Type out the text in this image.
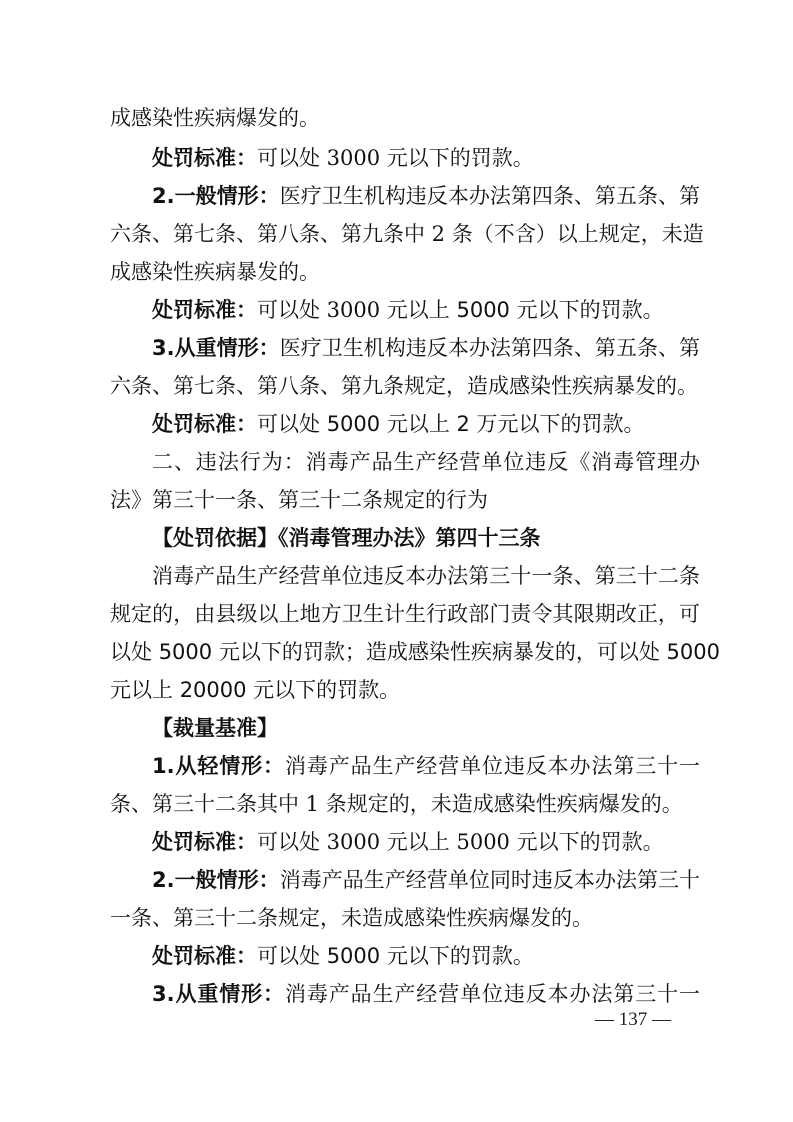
成感染性疾病爆发的。
处罚标准：可以处 3000 元以下的罚款。
2.一般情形：医疗卫生机构违反本办法第四条、第五条、第
六条、第七条、第八条、第九条中 2 条（不含）以上规定，未造
成感染性疾病暴发的。
处罚标准：可以处 3000 元以上 5000 元以下的罚款。
3.从重情形：医疗卫生机构违反本办法第四条、第五条、第
六条、第七条、第八条、第九条规定，造成感染性疾病暴发的。
处罚标准：可以处 5000 元以上 2 万元以下的罚款。
二、违法行为：消毒产品生产经营单位违反《消毒管理办
法》第三十一条、第三十二条规定的行为
【处罚依据】《消毒管理办法》第四十三条
消毒产品生产经营单位违反本办法第三十一条、第三十二条
规定的，由县级以上地方卫生计生行政部门责令其限期改正，可
以处 5000 元以下的罚款；造成感染性疾病暴发的，可以处 5000
元以上 20000 元以下的罚款。
【裁量基准】
1.从轻情形：消毒产品生产经营单位违反本办法第三十一
条、第三十二条其中 1 条规定的，未造成感染性疾病爆发的。
处罚标准：可以处 3000 元以上 5000 元以下的罚款。
2.一般情形：消毒产品生产经营单位同时违反本办法第三十
一条、第三十二条规定，未造成感染性疾病爆发的。
处罚标准：可以处 5000 元以下的罚款。
3.从重情形：消毒产品生产经营单位违反本办法第三十一
— 137 —
